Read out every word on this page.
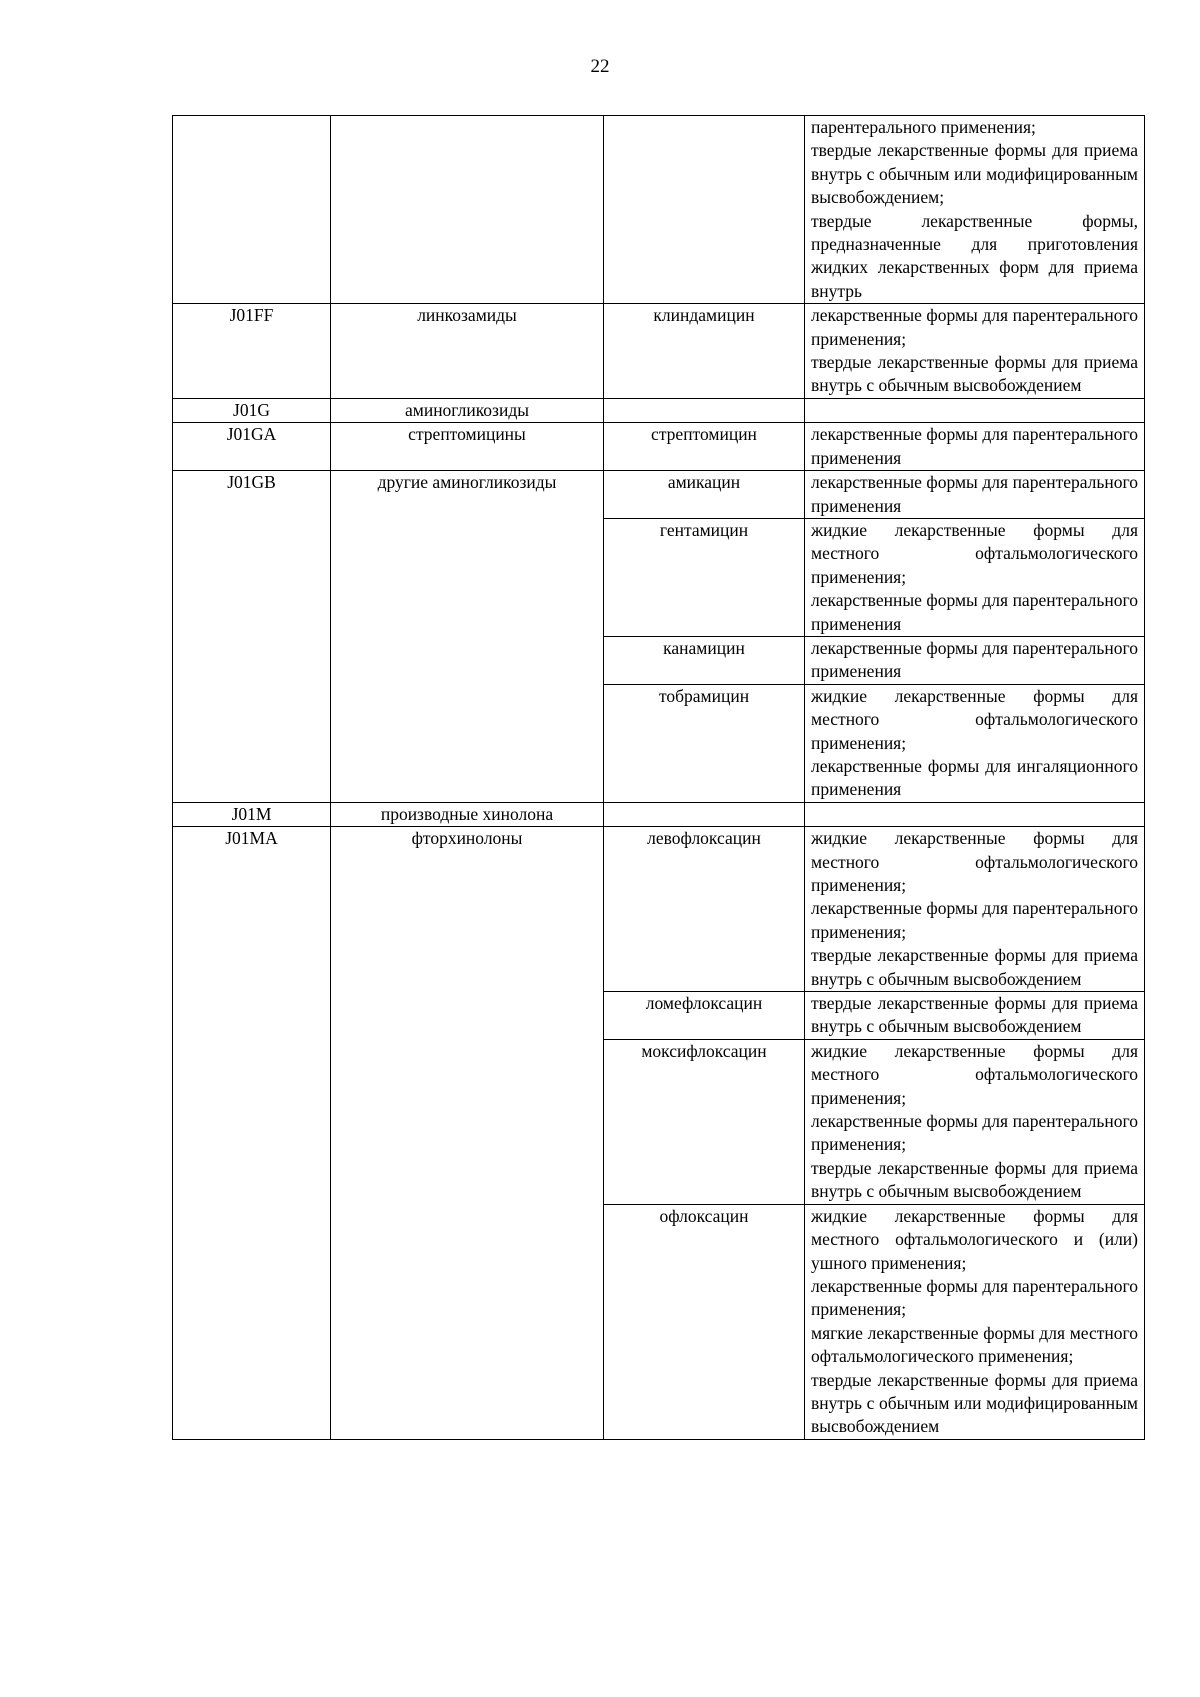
22

			парентерального применения;
твердые лекарственные формы для приема внутрь с обычным или модифицированным высвобождением;
твердые лекарственные формы, предназначенные для приготовления жидких лекарственных форм для приема внутрь

J01FF	линкозамиды	клиндамицин	лекарственные формы для парентерального применения;
твердые лекарственные формы для приема внутрь с обычным высвобождением

J01G	аминогликозиды		
J01GA	стрептомицины	стрептомицин	лекарственные формы для парентерального применения

J01GB	другие аминогликозиды	амикацин	лекарственные формы для парентерального применения

		гентамицин	жидкие лекарственные формы для местного офтальмологического применения;
лекарственные формы для парентерального применения

		канамицин	лекарственные формы для парентерального применения

		тобрамицин	жидкие лекарственные формы для местного офтальмологического применения;
лекарственные формы для ингаляционного применения

J01M	производные хинолона		
J01MA	фторхинолоны	левофлоксацин	жидкие лекарственные формы для местного офтальмологического применения;
лекарственные формы для парентерального применения;
твердые лекарственные формы для приема внутрь с обычным высвобождением

		ломефлоксацин	твердые лекарственные формы для приема внутрь с обычным высвобождением

		моксифлоксацин	жидкие лекарственные формы для местного офтальмологического применения;
лекарственные формы для парентерального применения;
твердые лекарственные формы для приема внутрь с обычным высвобождением

		офлоксацин	жидкие лекарственные формы для местного офтальмологического и (или) ушного применения;
лекарственные формы для парентерального применения;
мягкие лекарственные формы для местного офтальмологического применения;
твердые лекарственные формы для приема внутрь с обычным или модифицированным высвобождением
